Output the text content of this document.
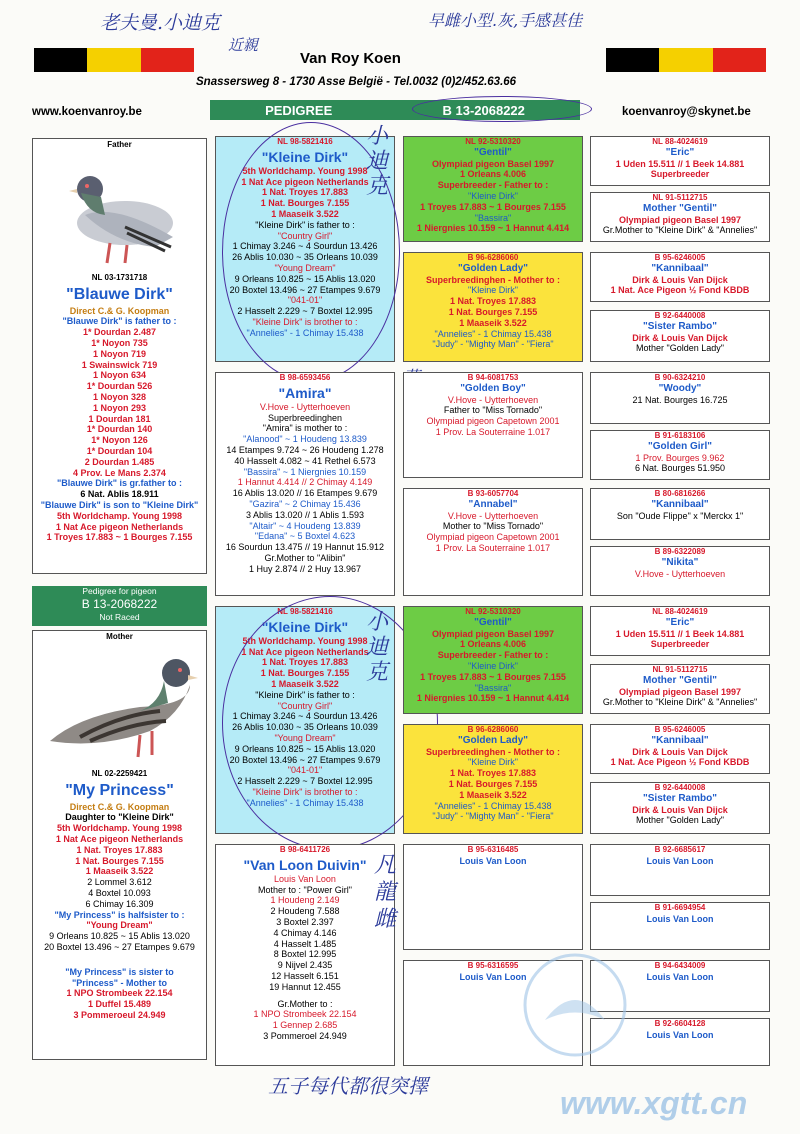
老夫曼.小迪克
近親
早雌小型.灰,手感甚佳
Van Roy Koen
Snassersweg 8 - 1730 Asse België - Tel.0032 (0)2/452.63.66
www.koenvanroy.be	koenvanroy@skynet.be
PEDIGREE	B 13-2068222
Father
NL 03-1731718
"Blauwe Dirk"
Direct C.& G. Koopman
"Blauwe Dirk" is father to :
1* Dourdan 2.487
1* Noyon 735
1 Noyon 719
1 Swainswick 719
1 Noyon 634
1* Dourdan 526
1 Noyon 328
1 Noyon 293
1 Dourdan 181
1* Dourdan 140
1* Noyon 126
1* Dourdan 104
2 Dourdan 1.485
4 Prov. Le Mans 2.374
"Blauwe Dirk" is gr.father to :
6 Nat. Ablis 18.911
"Blauwe Dirk" is son to "Kleine Dirk"
5th Worldchamp. Young 1998
1 Nat Ace pigeon Netherlands
1 Troyes 17.883 ~ 1 Bourges 7.155
Pedigree for pigeon
B 13-2068222
Not Raced
Mother
NL 02-2259421
"My Princess"
Direct C.& G. Koopman
Daughter to "Kleine Dirk"
5th Worldchamp. Young 1998
1 Nat Ace pigeon Netherlands
1 Nat. Troyes 17.883
1 Nat. Bourges 7.155
1 Maaseik 3.522
2 Lommel 3.612
4 Boxtel 10.093
6 Chimay 16.309
"My Princess" is halfsister to :
"Young Dream"
9 Orleans 10.825 ~ 15 Ablis 13.020
20 Boxtel 13.496 ~ 27 Etampes 9.679
"My Princess" is sister to
"Princess" - Mother to
1 NPO Strombeek 22.154
1 Duffel 15.489
3 Pommeroeul 24.949
NL 98-5821416
"Kleine Dirk"
5th Worldchamp. Young 1998
1 Nat Ace pigeon Netherlands
1 Nat. Troyes 17.883
1 Nat. Bourges 7.155
1 Maaseik 3.522
"Kleine Dirk" is father to :
"Country Girl"
1 Chimay 3.246 ~ 4 Sourdun 13.426
26 Ablis 10.030 ~ 35 Orleans 10.039
"Young Dream"
9 Orleans 10.825 ~ 15 Ablis 13.020
20 Boxtel 13.496 ~ 27 Etampes 9.679
"041-01"
2 Hasselt 2.229 ~ 7 Boxtel 12.995
"Kleine Dirk" is brother to :
"Annelies" - 1 Chimay 15.438
小迪克
NL 92-5310320
"Gentil"
Olympiad pigeon Basel 1997
1 Orleans 4.006
Superbreeder - Father to :
"Kleine Dirk"
1 Troyes 17.883 ~ 1 Bourges 7.155
"Bassira"
1 Niergnies 10.159 ~ 1 Hannut 4.414
B 96-6286060
"Golden Lady"
Superbreedinghen - Mother to :
"Kleine Dirk"
1 Nat. Troyes 17.883
1 Nat. Bourges 7.155
1 Maaseik 3.522
"Annelies" - 1 Chimay 15.438
"Judy" - "Mighty Man" - "Fiera"
NL 88-4024619
"Eric"
1 Uden 15.511 // 1 Beek 14.881
Superbreeder
NL 91-5112715
Mother "Gentil"
Olympiad pigeon Basel 1997
Gr.Mother to "Kleine Dirk" & "Annelies"
B 95-6246005
"Kannibaal"
Dirk & Louis Van Dijck
1 Nat. Ace Pigeon ½ Fond KBDB
B 92-6440008
"Sister Rambo"
Dirk & Louis Van Dijck
Mother "Golden Lady"
B 98-6593456
"Amira"
V.Hove - Uytterhoeven
Superbreedinghen
"Amira" is mother to :
"Alanood" ~ 1 Houdeng 13.839
14 Etampes 9.724 ~ 26 Houdeng 1.278
40 Hasselt 4.082 ~ 41 Rethel 6.573
"Bassira" ~ 1 Niergnies 10.159
1 Hannut 4.414 // 2 Chimay 4.149
16 Ablis 13.020 // 16 Etampes 9.679
"Gazira" ~ 2 Chimay 15.436
3 Ablis 13.020 // 1 Ablis 1.593
"Altair" ~ 4 Houdeng 13.839
"Edana" ~ 5 Boxtel 4.623
16 Sourdun 13.475 // 19 Hannut 15.912
Gr.Mother to "Alibin"
1 Huy 2.874 // 2 Huy 13.967
B 94-6081753
"Golden Boy"
V.Hove - Uytterhoeven
Father to "Miss Tornado"
Olympiad pigeon Capetown 2001
1 Prov. La Souterraine 1.017
B 93-6057704
"Annabel"
V.Hove - Uytterhoeven
Mother to "Miss Tornado"
Olympiad pigeon Capetown 2001
1 Prov. La Souterraine 1.017
B 90-6324210
"Woody"
21 Nat. Bourges 16.725
B 91-6183106
"Golden Girl"
1 Prov. Bourges 9.962
6 Nat. Bourges 51.950
B 80-6816266
"Kannibaal"
Son "Oude Flippe" x "Merckx 1"
B 89-6322089
"Nikita"
V.Hove - Uytterhoeven
NL 98-5821416
"Kleine Dirk"
5th Worldchamp. Young 1998
1 Nat Ace pigeon Netherlands
1 Nat. Troyes 17.883
1 Nat. Bourges 7.155
1 Maaseik 3.522
"Kleine Dirk" is father to :
"Country Girl"
1 Chimay 3.246 ~ 4 Sourdun 13.426
26 Ablis 10.030 ~ 35 Orleans 10.039
"Young Dream"
9 Orleans 10.825 ~ 15 Ablis 13.020
20 Boxtel 13.496 ~ 27 Etampes 9.679
"041-01"
2 Hasselt 2.229 ~ 7 Boxtel 12.995
"Kleine Dirk" is brother to :
"Annelies" - 1 Chimay 15.438
小迪克
NL 92-5310320
"Gentil"
Olympiad pigeon Basel 1997
1 Orleans 4.006
Superbreeder - Father to :
"Kleine Dirk"
1 Troyes 17.883 ~ 1 Bourges 7.155
"Bassira"
1 Niergnies 10.159 ~ 1 Hannut 4.414
B 96-6286060
"Golden Lady"
Superbreedinghen - Mother to :
"Kleine Dirk"
1 Nat. Troyes 17.883
1 Nat. Bourges 7.155
1 Maaseik 3.522
"Annelies" - 1 Chimay 15.438
"Judy" - "Mighty Man" - "Fiera"
NL 88-4024619
"Eric"
1 Uden 15.511 // 1 Beek 14.881
Superbreeder
NL 91-5112715
Mother "Gentil"
Olympiad pigeon Basel 1997
Gr.Mother to "Kleine Dirk" & "Annelies"
B 95-6246005
"Kannibaal"
Dirk & Louis Van Dijck
1 Nat. Ace Pigeon ½ Fond KBDB
B 92-6440008
"Sister Rambo"
Dirk & Louis Van Dijck
Mother "Golden Lady"
B 98-6411726
"Van Loon Duivin"
Louis Van Loon
Mother to : "Power Girl"
1 Houdeng 2.149
2 Houdeng 7.588
3 Boxtel 2.397
4 Chimay 4.146
4 Hasselt 1.485
8 Boxtel 12.995
9 Nijvel 2.435
12 Hasselt 6.151
19 Hannut 12.455
Gr.Mother to :
1 NPO Strombeek 22.154
1 Gennep 2.685
3 Pommeroel 24.949
凡龍雌
B 95-6316485
Louis Van Loon
B 95-6316595
Louis Van Loon
B 92-6685617
Louis Van Loon
B 91-6694954
Louis Van Loon
B 94-6434009
Louis Van Loon
B 92-6604128
Louis Van Loon
五子每代都很突擇	www.xgtt.cn
